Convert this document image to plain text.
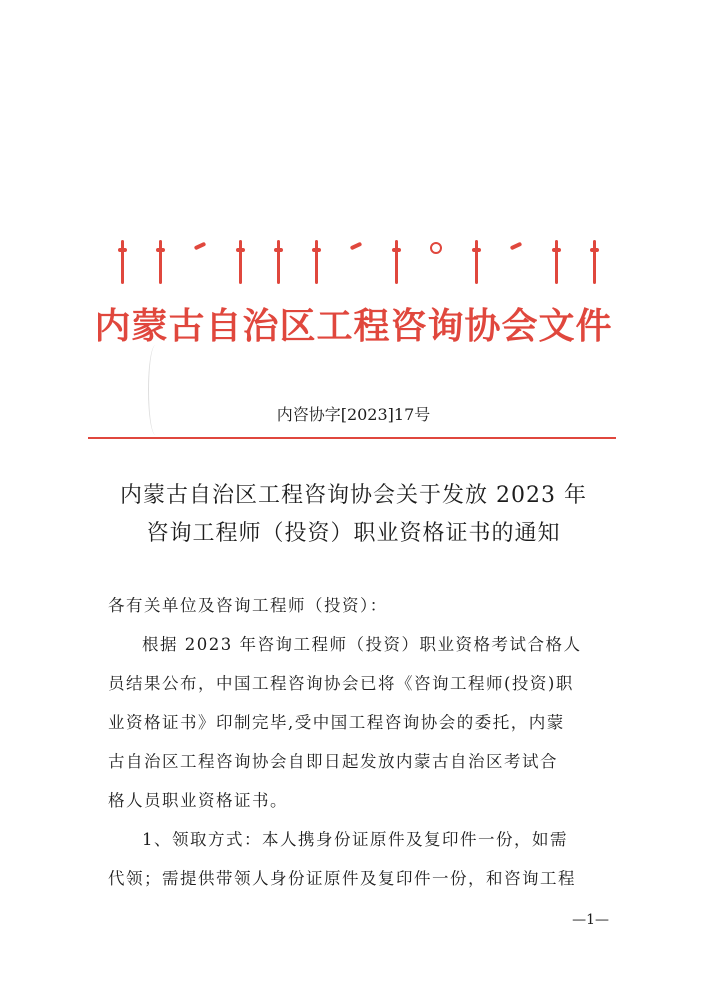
内蒙古自治区工程咨询协会文件
内咨协字[2023]17号
内蒙古自治区工程咨询协会关于发放 2023 年
咨询工程师（投资）职业资格证书的通知
各有关单位及咨询工程师（投资）：
根据 2023 年咨询工程师（投资）职业资格考试合格人
员结果公布，中国工程咨询协会已将《咨询工程师(投资)职
业资格证书》印制完毕,受中国工程咨询协会的委托，内蒙
古自治区工程咨询协会自即日起发放内蒙古自治区考试合
格人员职业资格证书。
1、领取方式：本人携身份证原件及复印件一份，如需
代领；需提供带领人身份证原件及复印件一份，和咨询工程
—1—
